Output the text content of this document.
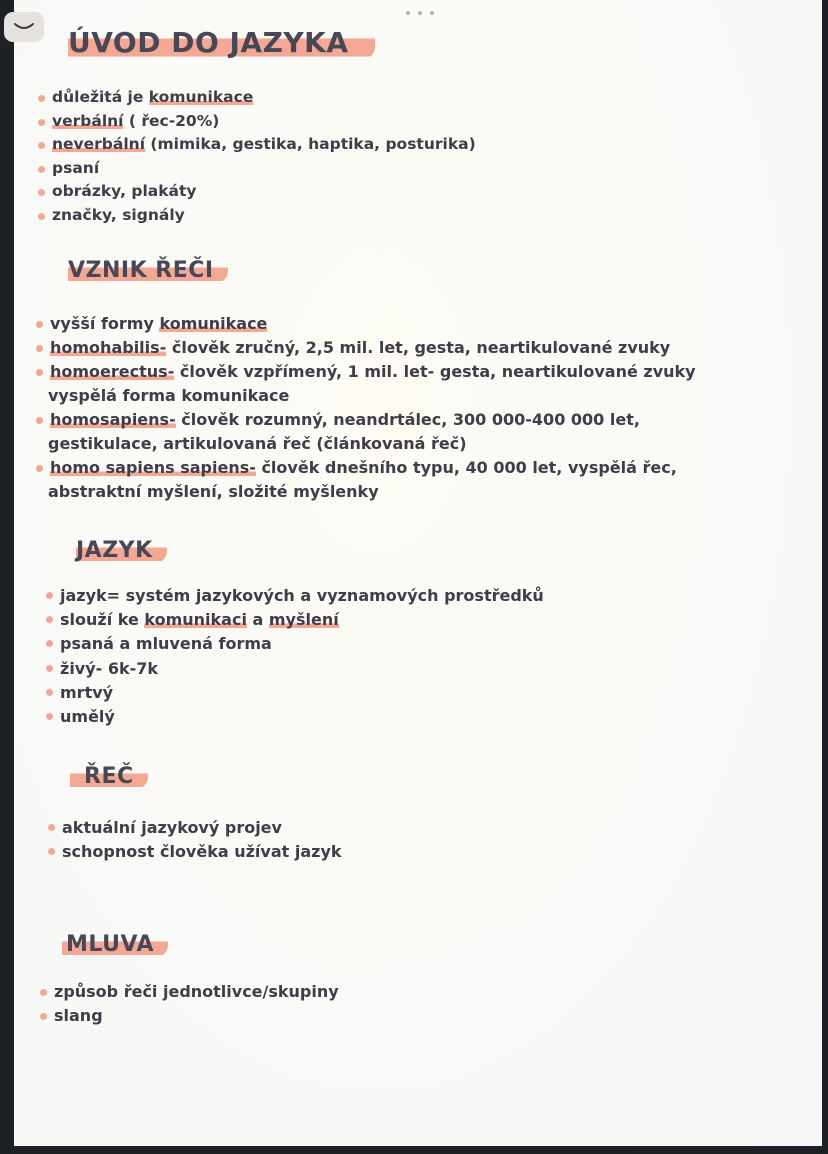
ÚVOD DO JAZYKA
důležitá je komunikace
verbální ( řec-20%)
neverbální (mimika, gestika, haptika, posturika)
psaní
obrázky, plakáty
značky, signály
VZNIK ŘEČI
vyšší formy komunikace
homohabilis- člověk zručný, 2,5 mil. let, gesta, neartikulované zvuky
homoerectus- člověk vzpřímený, 1 mil. let- gesta, neartikulované zvuky
vyspělá forma komunikace
homosapiens- člověk rozumný, neandrtálec, 300 000-400 000 let,
gestikulace, artikulovaná řeč (článkovaná řeč)
homo sapiens sapiens- člověk dnešního typu, 40 000 let, vyspělá řec,
abstraktní myšlení, složité myšlenky
JAZYK
jazyk= systém jazykových a vyznamových prostředků
slouží ke komunikaci a myšlení
psaná a mluvená forma
živý- 6k-7k
mrtvý
umělý
ŘEČ
aktuální jazykový projev
schopnost člověka užívat jazyk
MLUVA
způsob řeči jednotlivce/skupiny
slang
